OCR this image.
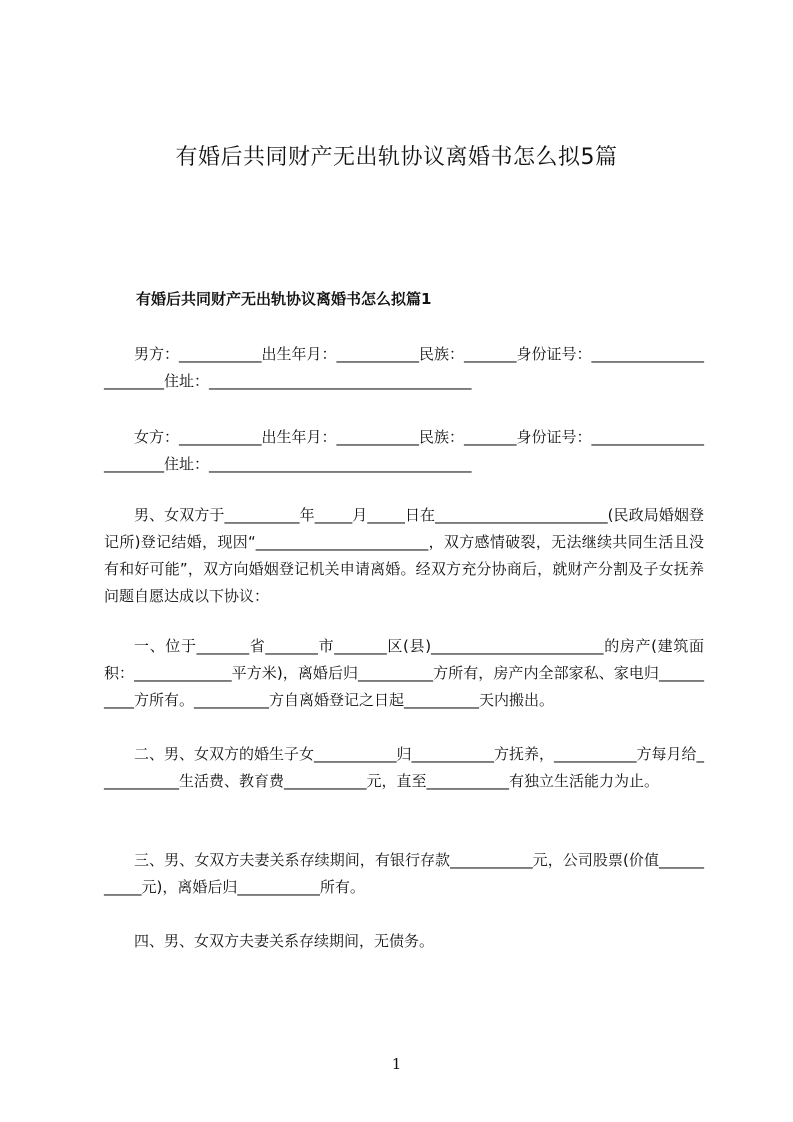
有婚后共同财产无出轨协议离婚书怎么拟5篇
有婚后共同财产无出轨协议离婚书怎么拟篇1

男方：___________出生年月：___________民族：_______身份证号：_______________________住址：___________________________________

女方：___________出生年月：___________民族：_______身份证号：_______________________住址：___________________________________

男、女双方于__________年_____月_____日在_______________________(民政局婚姻登记所)登记结婚，现因“_______________________，双方感情破裂，无法继续共同生活且没有和好可能”，双方向婚姻登记机关申请离婚。经双方充分协商后，就财产分割及子女抚养问题自愿达成以下协议：

一、位于_______省_______市_______区(县)_______________________的房产(建筑面积：_____________平方米)，离婚后归__________方所有，房产内全部家私、家电归__________方所有。__________方自离婚登记之日起__________天内搬出。

二、男、女双方的婚生子女___________归___________方抚养，___________方每月给___________生活费、教育费___________元，直至___________有独立生活能力为止。

三、男、女双方夫妻关系存续期间，有银行存款___________元，公司股票(价值___________元)，离婚后归___________所有。

四、男、女双方夫妻关系存续期间，无债务。

1
